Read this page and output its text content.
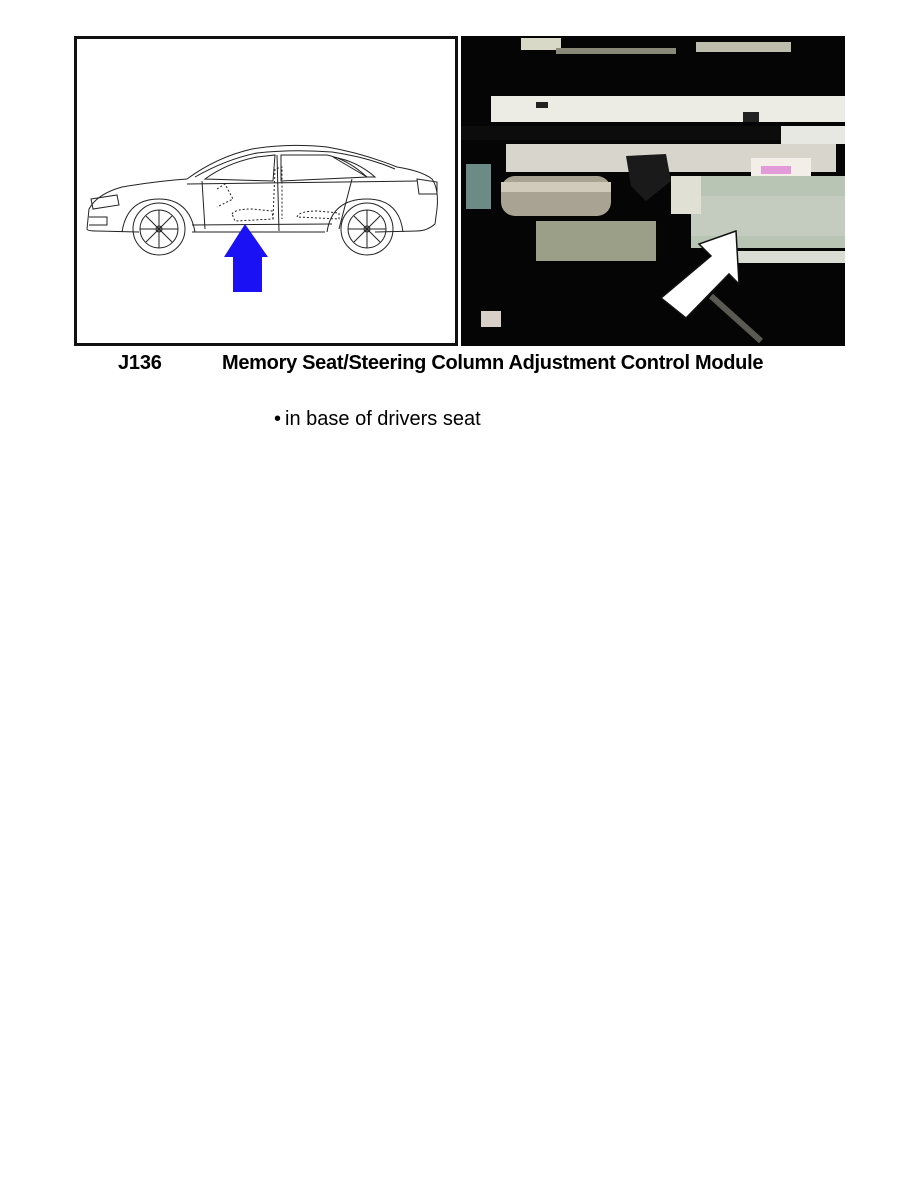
J136	Memory Seat/Steering Column Adjustment Control Module
• in base of drivers seat
